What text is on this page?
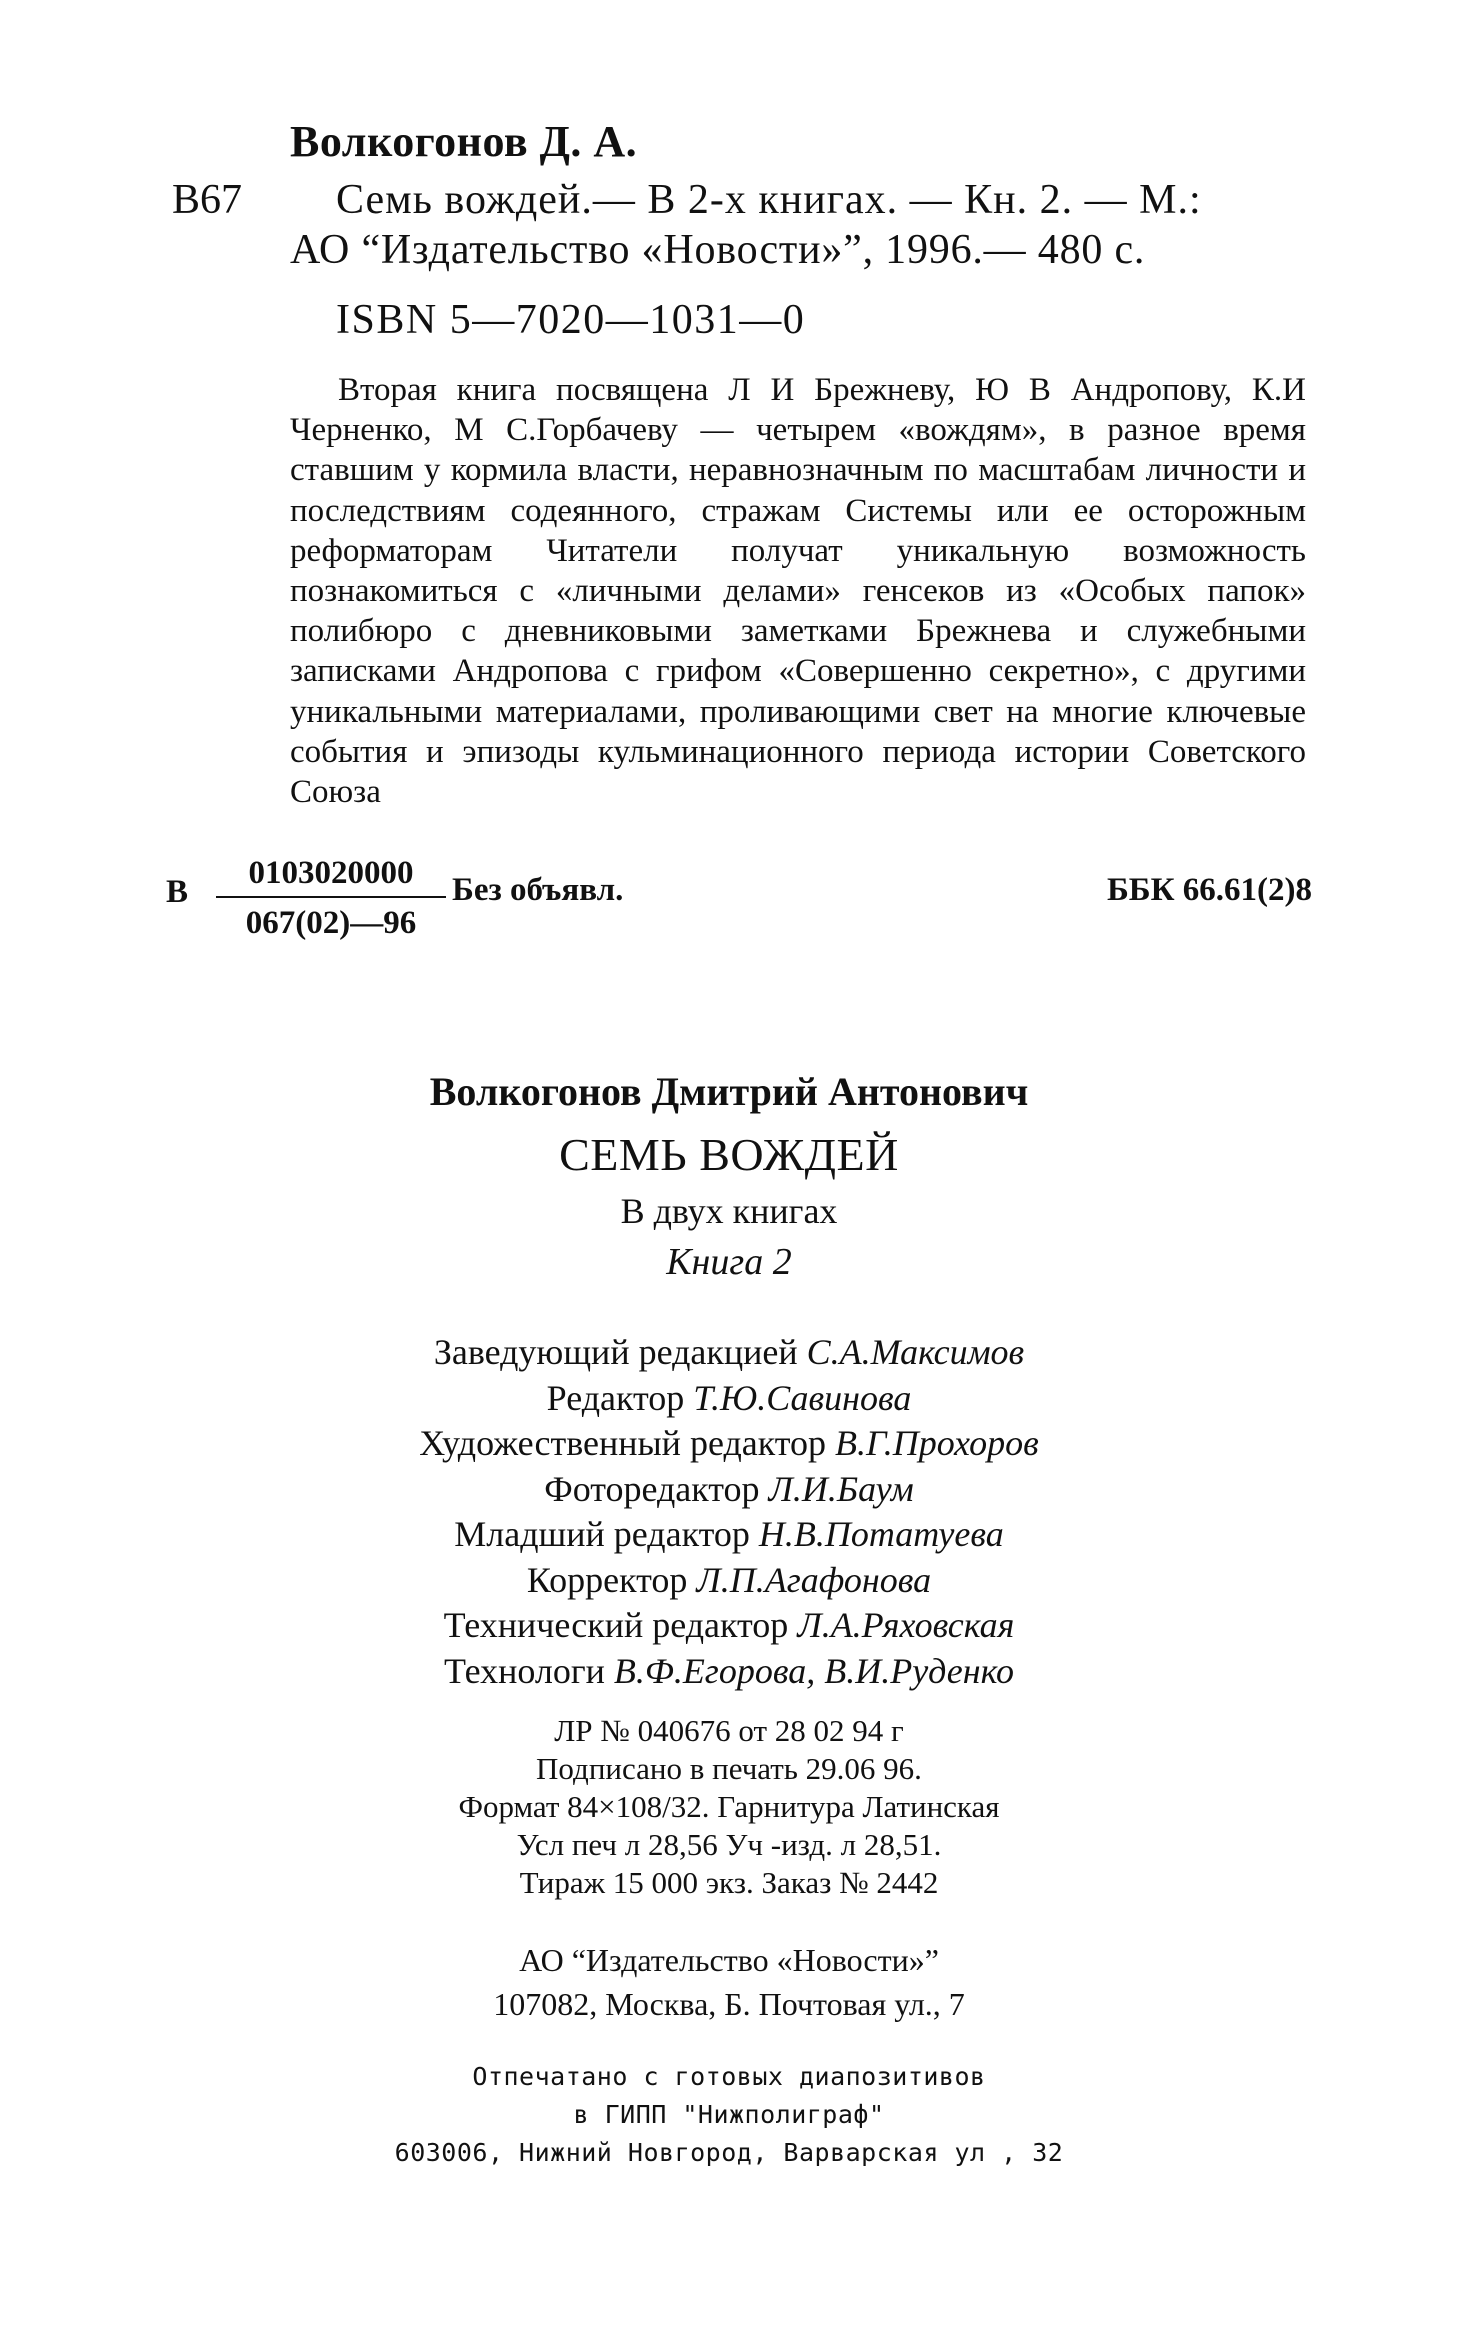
Волкогонов Д. А.
В67 Семь вождей.— В 2-х книгах. — Кн. 2. — М.:
АО “Издательство «Новости»”, 1996.— 480 с.
ISBN 5—7020—1031—0

Вторая книга посвящена Л И Брежневу, Ю В Андропову, К.И Черненко, М С.Горбачеву — четырем «вождям», в разное время ставшим у кормила власти, неравнозначным по масштабам личности и последствиям содеянного, стражам Системы или ее осторожным реформаторам Читатели получат уникальную возможность познакомиться с «личными делами» генсеков из «Особых папок» полибюро с дневниковыми заметками Брежнева и служебными записками Андропова с грифом «Совершенно секретно», с другими уникальными материалами, проливающими свет на многие ключевые события и эпизоды кульминационного периода истории Советского Союза

В
0103020000
067(02)—96
Без объявл.	ББК 66.61(2)8
Волкогонов Дмитрий Антонович
СЕМЬ ВОЖДЕЙ
В двух книгах
Книга 2
Заведующий редакцией С.А.Максимов
Редактор Т.Ю.Савинова
Художественный редактор В.Г.Прохоров
Фоторедактор Л.И.Баум
Младший редактор Н.В.Потатуева
Корректор Л.П.Агафонова
Технический редактор Л.А.Ряховская
Технологи В.Ф.Егорова, В.И.Руденко
ЛР № 040676 от 28 02 94 г
Подписано в печать 29.06 96.
Формат 84×108/32. Гарнитура Латинская
Усл печ л 28,56 Уч -изд. л 28,51.
Тираж 15 000 экз. Заказ № 2442
АО “Издательство «Новости»”
107082, Москва, Б. Почтовая ул., 7
Отпечатано с готовых диапозитивов
в ГИПП "Нижполиграф"
603006, Нижний Новгород, Варварская ул , 32
